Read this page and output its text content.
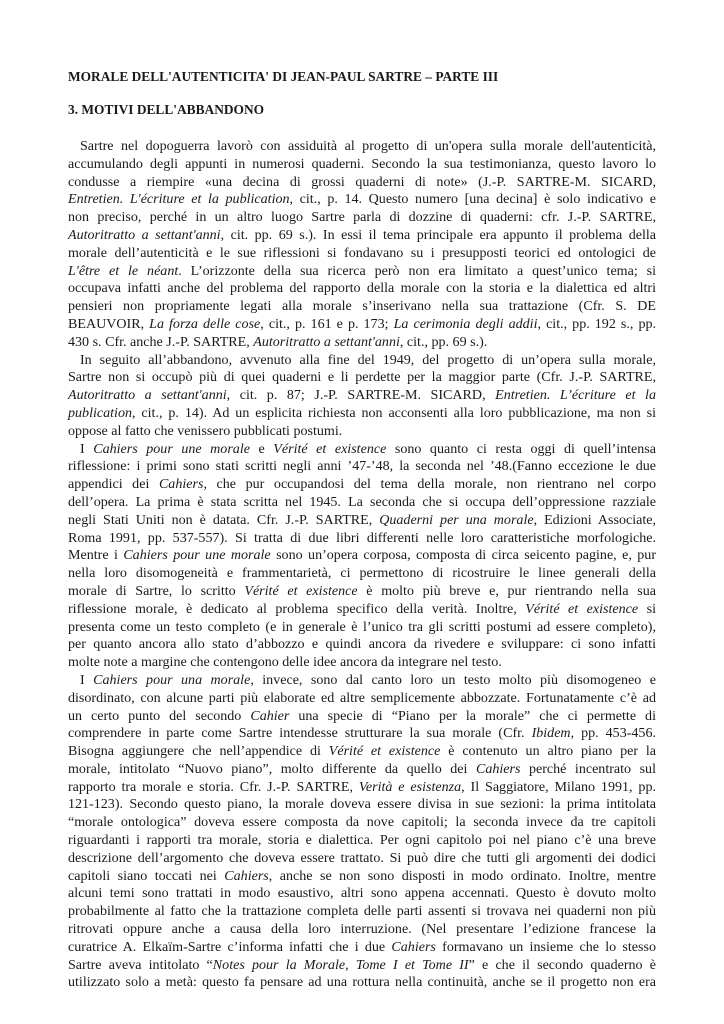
MORALE DELL'AUTENTICITA' DI JEAN-PAUL SARTRE – PARTE III
3. MOTIVI DELL'ABBANDONO
Sartre nel dopoguerra lavorò con assiduità al progetto di un'opera sulla morale dell'autenticità,
accumulando degli appunti in numerosi quaderni. Secondo la sua testimonianza, questo lavoro lo
condusse a riempire «una decina di grossi quaderni di note» (J.-P. SARTRE-M. SICARD,
Entretien. L'écriture et la publication, cit., p. 14. Questo numero [una decina] è solo indicativo e
non preciso, perché in un altro luogo Sartre parla di dozzine di quaderni: cfr. J.-P. SARTRE,
Autoritratto a settant'anni, cit. pp. 69 s.). In essi il tema principale era appunto il problema della
morale dell’autenticità e le sue riflessioni si fondavano su i presupposti teorici ed ontologici de
L'être et le néant. L’orizzonte della sua ricerca però non era limitato a quest’unico tema; si
occupava infatti anche del problema del rapporto della morale con la storia e la dialettica ed altri
pensieri non propriamente legati alla morale s’inserivano nella sua trattazione (Cfr. S. DE
BEAUVOIR, La forza delle cose, cit., p. 161 e p. 173; La cerimonia degli addii, cit., pp. 192 s., pp.
430 s. Cfr. anche J.-P. SARTRE, Autoritratto a settant'anni, cit., pp. 69 s.).
In seguito all’abbandono, avvenuto alla fine del 1949, del progetto di un’opera sulla morale,
Sartre non si occupò più di quei quaderni e li perdette per la maggior parte (Cfr. J.-P. SARTRE,
Autoritratto a settant'anni, cit. p. 87; J.-P. SARTRE-M. SICARD, Entretien. L’écriture et la
publication, cit., p. 14). Ad un esplicita richiesta non acconsenti alla loro pubblicazione, ma non si
oppose al fatto che venissero pubblicati postumi.
I Cahiers pour une morale e Vérité et existence sono quanto ci resta oggi di quell’intensa
riflessione: i primi sono stati scritti negli anni ’47-’48, la seconda nel ’48.(Fanno eccezione le due
appendici dei Cahiers, che pur occupandosi del tema della morale, non rientrano nel corpo
dell’opera. La prima è stata scritta nel 1945. La seconda che si occupa dell’oppressione razziale
negli Stati Uniti non è datata. Cfr. J.-P. SARTRE, Quaderni per una morale, Edizioni Associate,
Roma 1991, pp. 537-557). Si tratta di due libri differenti nelle loro caratteristiche morfologiche.
Mentre i Cahiers pour une morale sono un’opera corposa, composta di circa seicento pagine, e, pur
nella loro disomogeneità e frammentarietà, ci permettono di ricostruire le linee generali della
morale di Sartre, lo scritto Vérité et existence è molto più breve e, pur rientrando nella sua
riflessione morale, è dedicato al problema specifico della verità. Inoltre, Vérité et existence si
presenta come un testo completo (e in generale è l’unico tra gli scritti postumi ad essere completo),
per quanto ancora allo stato d’abbozzo e quindi ancora da rivedere e sviluppare: ci sono infatti
molte note a margine che contengono delle idee ancora da integrare nel testo.
I Cahiers pour una morale, invece, sono dal canto loro un testo molto più disomogeneo e
disordinato, con alcune parti più elaborate ed altre semplicemente abbozzate. Fortunatamente c’è ad
un certo punto del secondo Cahier una specie di “Piano per la morale” che ci permette di
comprendere in parte come Sartre intendesse strutturare la sua morale (Cfr. Ibidem, pp. 453-456.
Bisogna aggiungere che nell’appendice di Vérité et existence è contenuto un altro piano per la
morale, intitolato “Nuovo piano”, molto differente da quello dei Cahiers perché incentrato sul
rapporto tra morale e storia. Cfr. J.-P. SARTRE, Verità e esistenza, Il Saggiatore, Milano 1991, pp.
121-123). Secondo questo piano, la morale doveva essere divisa in sue sezioni: la prima intitolata
“morale ontologica” doveva essere composta da nove capitoli; la seconda invece da tre capitoli
riguardanti i rapporti tra morale, storia e dialettica. Per ogni capitolo poi nel piano c’è una breve
descrizione dell’argomento che doveva essere trattato. Si può dire che tutti gli argomenti dei dodici
capitoli siano toccati nei Cahiers, anche se non sono disposti in modo ordinato. Inoltre, mentre
alcuni temi sono trattati in modo esaustivo, altri sono appena accennati. Questo è dovuto molto
probabilmente al fatto che la trattazione completa delle parti assenti si trovava nei quaderni non più
ritrovati oppure anche a causa della loro interruzione. (Nel presentare l’edizione francese la
curatrice A. Elkaïm-Sartre c’informa infatti che i due Cahiers formavano un insieme che lo stesso
Sartre aveva intitolato “Notes pour la Morale, Tome I et Tome II” e che il secondo quaderno è
utilizzato solo a metà: questo fa pensare ad una rottura nella continuità, anche se il progetto non era
